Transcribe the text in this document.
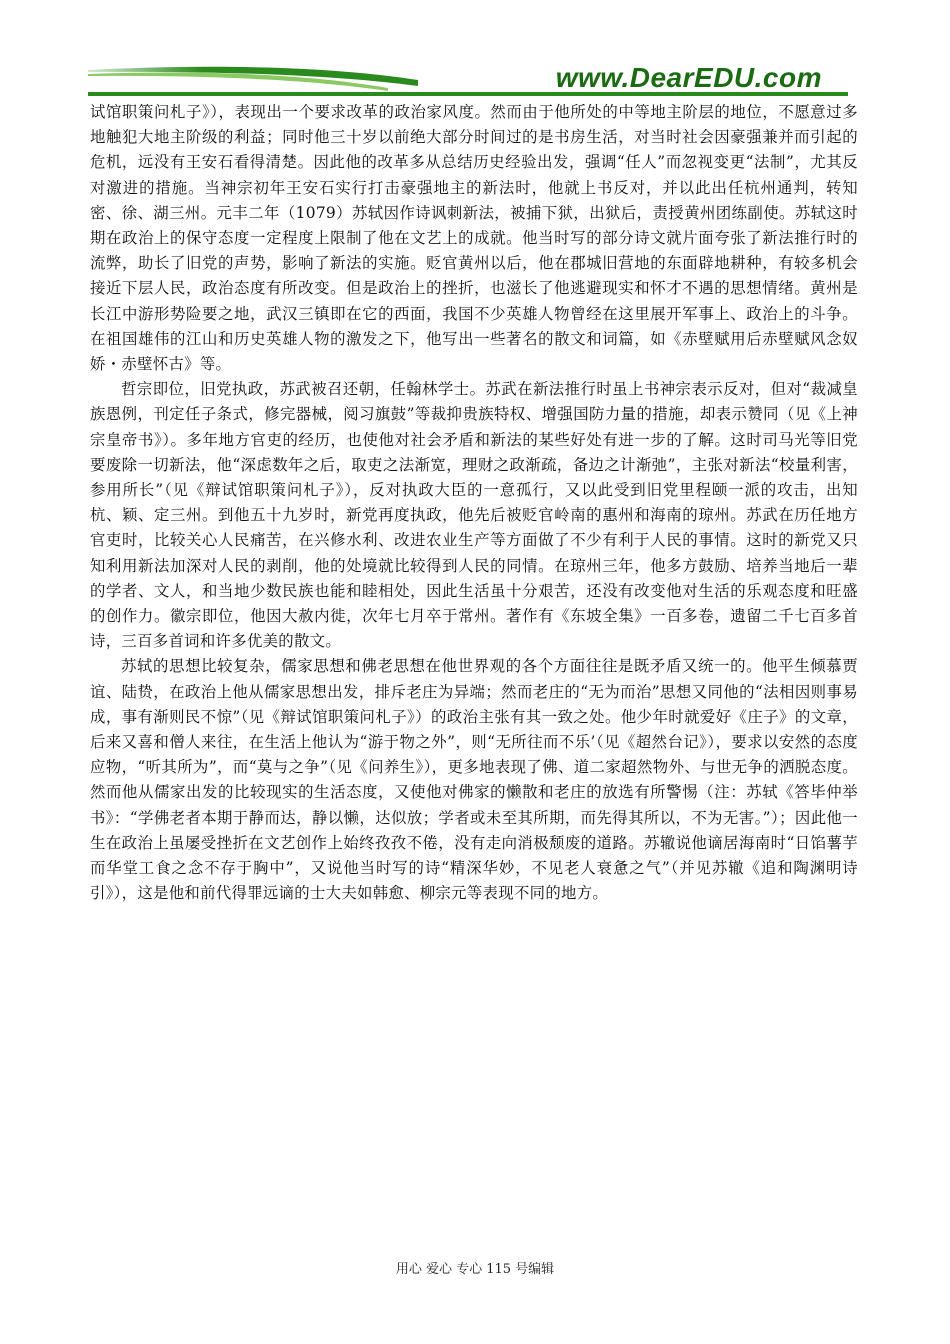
www.DearEDU.com

试馆职策问札子》），表现出一个要求改革的政治家风度。然而由于他所处的中等地主阶层的地位，不愿意过多地触犯大地主阶级的利益；同时他三十岁以前绝大部分时间过的是书房生活，对当时社会因豪强兼并而引起的危机，远没有王安石看得清楚。因此他的改革多从总结历史经验出发，强调“任人”而忽视变更“法制”，尤其反对激进的措施。当神宗初年王安石实行打击豪强地主的新法时，他就上书反对，并以此出任杭州通判，转知密、徐、湖三州。元丰二年（1079）苏轼因作诗讽刺新法，被捕下狱，出狱后，责授黄州团练副使。苏轼这时期在政治上的保守态度一定程度上限制了他在文艺上的成就。他当时写的部分诗文就片面夸张了新法推行时的流弊，助长了旧党的声势，影响了新法的实施。贬官黄州以后，他在郡城旧营地的东面辟地耕种，有较多机会接近下层人民，政治态度有所改变。但是政治上的挫折，也滋长了他逃避现实和怀才不遇的思想情绪。黄州是长江中游形势险要之地，武汉三镇即在它的西面，我国不少英雄人物曾经在这里展开军事上、政治上的斗争。在祖国雄伟的江山和历史英雄人物的激发之下，他写出一些著名的散文和词篇，如《赤壁赋用后赤壁赋风念奴娇・赤壁怀古》等。

哲宗即位，旧党执政，苏武被召还朝，任翰林学士。苏武在新法推行时虽上书神宗表示反对，但对“裁减皇族恩例，刊定任子条式，修完器械，阅习旗鼓”等裁抑贵族特权、增强国防力量的措施，却表示赞同（见《上神宗皇帝书》）。多年地方官吏的经历，也使他对社会矛盾和新法的某些好处有进一步的了解。这时司马光等旧党要废除一切新法，他“深虑数年之后，取吏之法渐宽，理财之政渐疏，备边之计渐弛”，主张对新法“校量利害，参用所长”（见《辩试馆职策问札子》），反对执政大臣的一意孤行，又以此受到旧党里程颐一派的攻击，出知杭、颖、定三州。到他五十九岁时，新党再度执政，他先后被贬官岭南的惠州和海南的琼州。苏武在历任地方官吏时，比较关心人民痛苦，在兴修水利、改进农业生产等方面做了不少有利于人民的事情。这时的新党又只知利用新法加深对人民的剥削，他的处境就比较得到人民的同情。在琼州三年，他多方鼓励、培养当地后一辈的学者、文人，和当地少数民族也能和睦相处，因此生活虽十分艰苦，还没有改变他对生活的乐观态度和旺盛的创作力。徽宗即位，他因大赦内徙，次年七月卒于常州。著作有《东坡全集》一百多卷，遗留二千七百多首诗，三百多首词和许多优美的散文。

苏轼的思想比较复杂，儒家思想和佛老思想在他世界观的各个方面往往是既矛盾又统一的。他平生倾慕贾谊、陆贽，在政治上他从儒家思想出发，排斥老庄为异端；然而老庄的“无为而治”思想又同他的“法相因则事易成，事有渐则民不惊”（见《辩试馆职策问札子》）的政治主张有其一致之处。他少年时就爱好《庄子》的文章，后来又喜和僧人来往，在生活上他认为“游于物之外”，则“无所往而不乐’（见《超然台记》），要求以安然的态度应物，“听其所为”，而“莫与之争”（见《问养生》），更多地表现了佛、道二家超然物外、与世无争的洒脱态度。然而他从儒家出发的比较现实的生活态度，又使他对佛家的懒散和老庄的放选有所警惕（注：苏轼《答毕仲举书》：“学佛老者本期于静而达，静以懒，达似放；学者或未至其所期，而先得其所以，不为无害。”）；因此他一生在政治上虽屡受挫折在文艺创作上始终孜孜不倦，没有走向消极颓废的道路。苏辙说他谪居海南时“日馅薯芋而华堂工食之念不存于胸中”，又说他当时写的诗“精深华妙，不见老人衰惫之气”（并见苏辙《追和陶渊明诗引》），这是他和前代得罪远谪的士大夫如韩愈、柳宗元等表现不同的地方。

用心 爱心 专心 115 号编辑
